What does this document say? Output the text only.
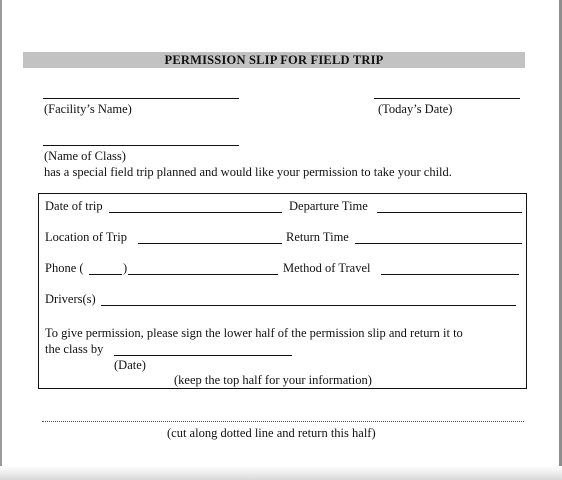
PERMISSION SLIP FOR FIELD TRIP
(Facility’s Name)	(Today’s Date)
(Name of Class)
has a special field trip planned and would like your permission to take your child.
Date of trip	Departure Time
Location of Trip	Return Time
Phone (	)	Method of Travel
Drivers(s)
To give permission, please sign the lower half of the permission slip and return it to
the class by
(Date)
(keep the top half for your information)
(cut along dotted line and return this half)
